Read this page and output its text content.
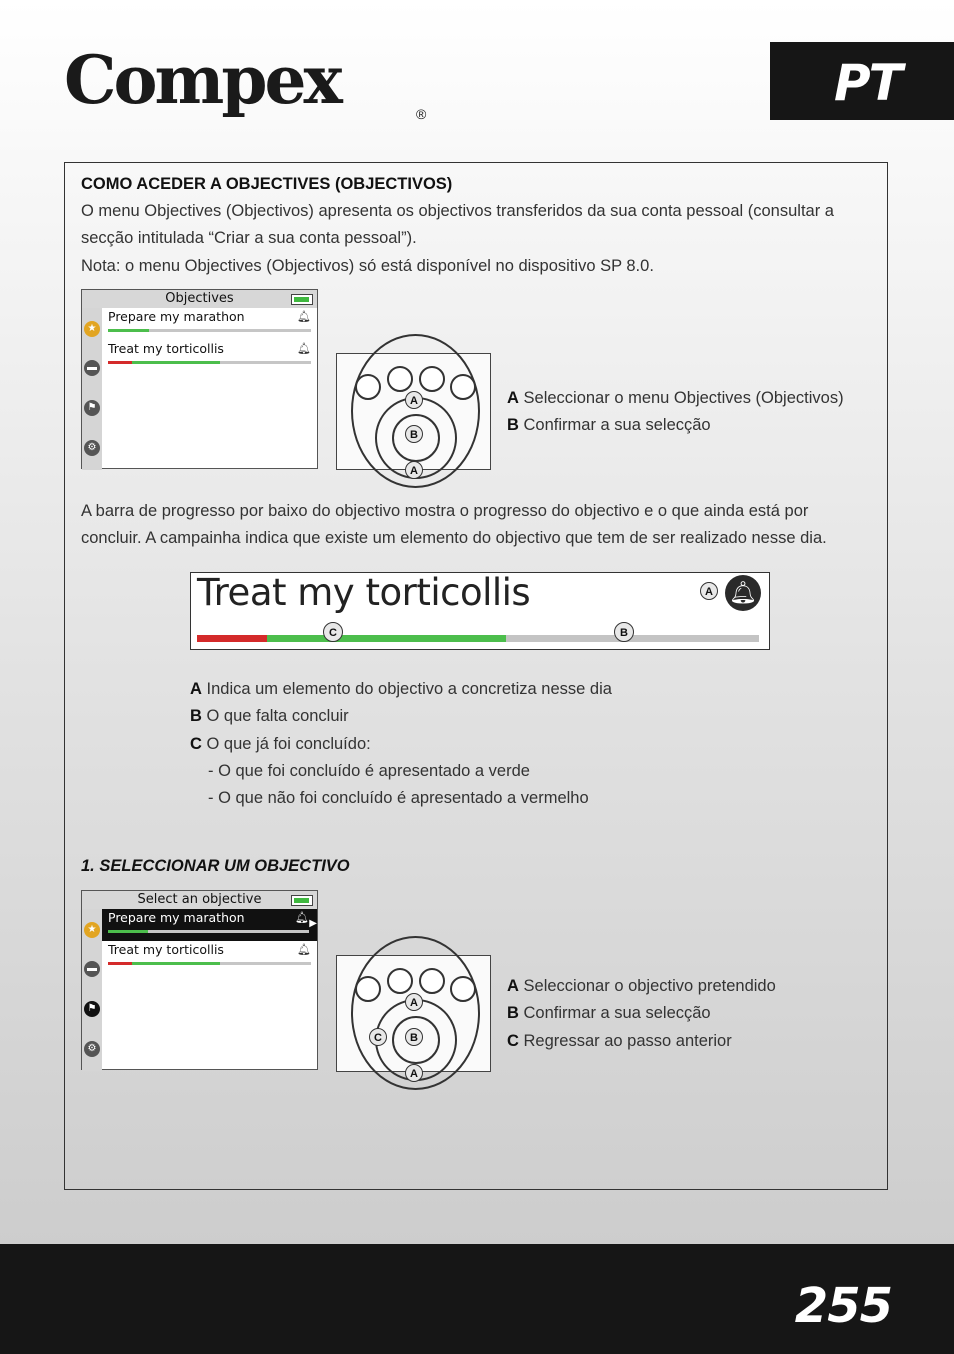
Compex	®
PT

COMO ACEDER A OBJECTIVES (OBJECTIVOS)

O menu Objectives (Objectivos) apresenta os objectivos transferidos da sua conta pessoal (consultar a secção intitulada “Criar a sua conta pessoal”).

Nota: o menu Objectives (Objectivos) só está disponível no dispositivo SP 8.0.

Objectives
★
▬
⚑
⚙
Prepare my marathon	🔔︎
Treat my torticollis	🔔︎
A
B
A

A Seleccionar o menu Objectives (Objectivos)

B Confirmar a sua selecção

A barra de progresso por baixo do objectivo mostra o progresso do objectivo e o que ainda está por concluir. A campainha indica que existe um elemento do objectivo que tem de ser realizado nesse dia.

Treat my torticollis	A 🔔︎
C	B

A Indica um elemento do objectivo a concretiza nesse dia

B O que falta concluir

C O que já foi concluído:

- O que foi concluído é apresentado a verde

- O que não foi concluído é apresentado a vermelho

1. SELECCIONAR UM OBJECTIVO

Select an objective
★
▬
⚑
⚙
Prepare my marathon	🔔︎ ▶
Treat my torticollis	🔔︎
A
B
C
A

A Seleccionar o objectivo pretendido

B Confirmar a sua selecção

C Regressar ao passo anterior

255
